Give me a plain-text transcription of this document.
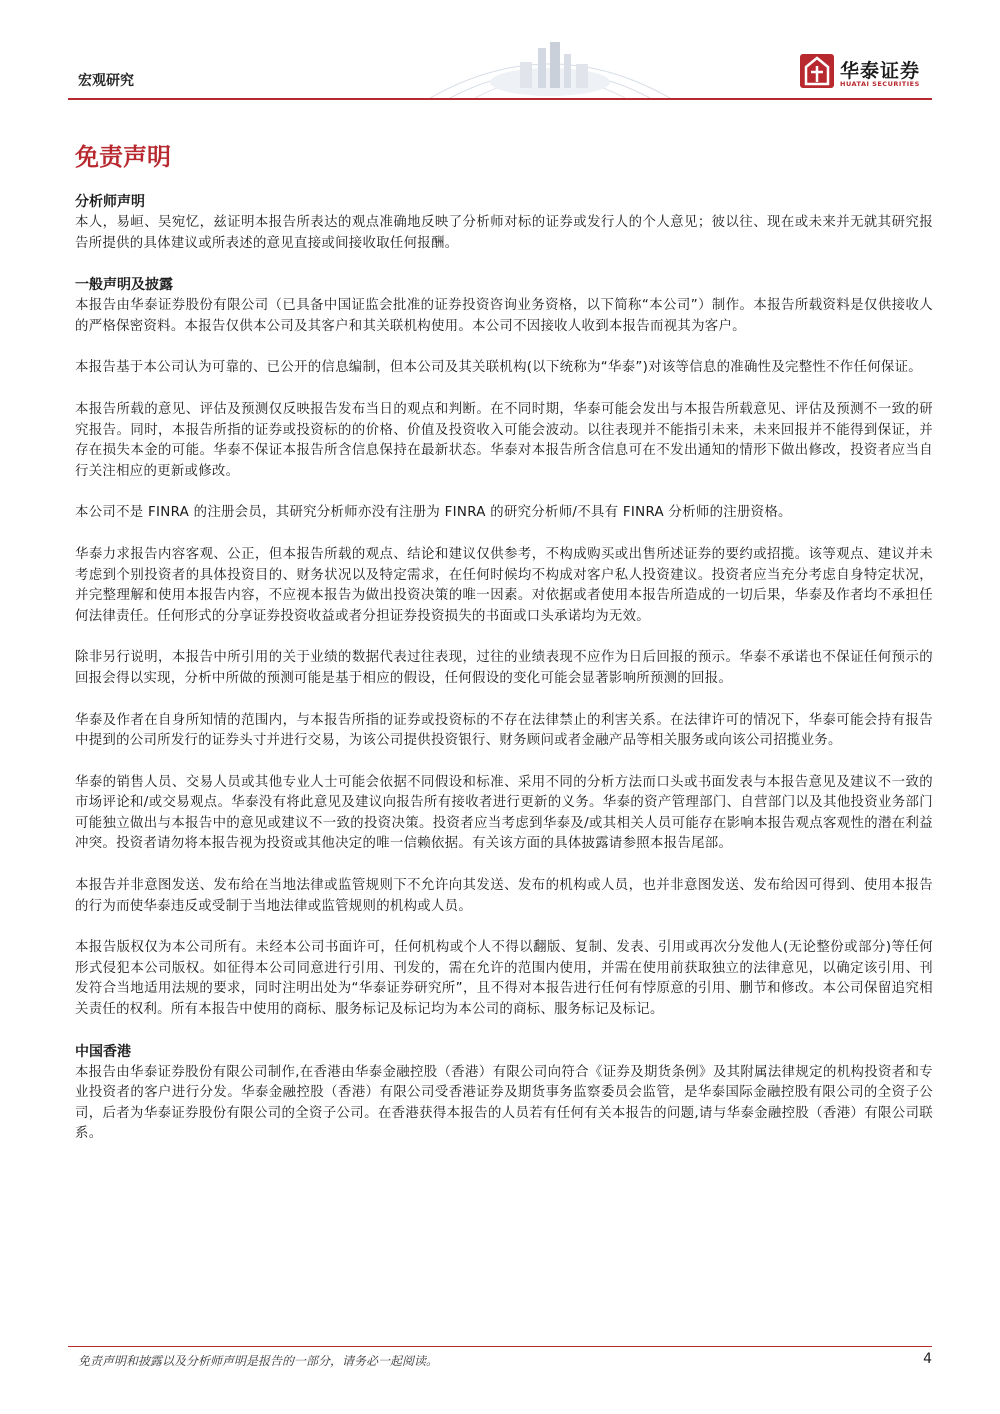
宏观研究	华泰证券
HUATAI SECURITIES
免责声明
分析师声明

本人，易峘、吴宛忆，兹证明本报告所表达的观点准确地反映了分析师对标的证券或发行人的个人意见；彼以往、现在或未来并无就其研究报告所提供的具体建议或所表述的意见直接或间接收取任何报酬。

一般声明及披露

本报告由华泰证券股份有限公司（已具备中国证监会批准的证券投资咨询业务资格，以下简称“本公司”）制作。本报告所载资料是仅供接收人的严格保密资料。本报告仅供本公司及其客户和其关联机构使用。本公司不因接收人收到本报告而视其为客户。

本报告基于本公司认为可靠的、已公开的信息编制，但本公司及其关联机构(以下统称为“华泰”)对该等信息的准确性及完整性不作任何保证。

本报告所载的意见、评估及预测仅反映报告发布当日的观点和判断。在不同时期，华泰可能会发出与本报告所载意见、评估及预测不一致的研究报告。同时，本报告所指的证券或投资标的的价格、价值及投资收入可能会波动。以往表现并不能指引未来，未来回报并不能得到保证，并存在损失本金的可能。华泰不保证本报告所含信息保持在最新状态。华泰对本报告所含信息可在不发出通知的情形下做出修改，投资者应当自行关注相应的更新或修改。

本公司不是 FINRA 的注册会员，其研究分析师亦没有注册为 FINRA 的研究分析师/不具有 FINRA 分析师的注册资格。

华泰力求报告内容客观、公正，但本报告所载的观点、结论和建议仅供参考，不构成购买或出售所述证券的要约或招揽。该等观点、建议并未考虑到个别投资者的具体投资目的、财务状况以及特定需求，在任何时候均不构成对客户私人投资建议。投资者应当充分考虑自身特定状况，并完整理解和使用本报告内容，不应视本报告为做出投资决策的唯一因素。对依据或者使用本报告所造成的一切后果，华泰及作者均不承担任何法律责任。任何形式的分享证券投资收益或者分担证券投资损失的书面或口头承诺均为无效。

除非另行说明，本报告中所引用的关于业绩的数据代表过往表现，过往的业绩表现不应作为日后回报的预示。华泰不承诺也不保证任何预示的回报会得以实现，分析中所做的预测可能是基于相应的假设，任何假设的变化可能会显著影响所预测的回报。

华泰及作者在自身所知情的范围内，与本报告所指的证券或投资标的不存在法律禁止的利害关系。在法律许可的情况下，华泰可能会持有报告中提到的公司所发行的证券头寸并进行交易，为该公司提供投资银行、财务顾问或者金融产品等相关服务或向该公司招揽业务。

华泰的销售人员、交易人员或其他专业人士可能会依据不同假设和标准、采用不同的分析方法而口头或书面发表与本报告意见及建议不一致的市场评论和/或交易观点。华泰没有将此意见及建议向报告所有接收者进行更新的义务。华泰的资产管理部门、自营部门以及其他投资业务部门可能独立做出与本报告中的意见或建议不一致的投资决策。投资者应当考虑到华泰及/或其相关人员可能存在影响本报告观点客观性的潜在利益冲突。投资者请勿将本报告视为投资或其他决定的唯一信赖依据。有关该方面的具体披露请参照本报告尾部。

本报告并非意图发送、发布给在当地法律或监管规则下不允许向其发送、发布的机构或人员，也并非意图发送、发布给因可得到、使用本报告的行为而使华泰违反或受制于当地法律或监管规则的机构或人员。

本报告版权仅为本公司所有。未经本公司书面许可，任何机构或个人不得以翻版、复制、发表、引用或再次分发他人(无论整份或部分)等任何形式侵犯本公司版权。如征得本公司同意进行引用、刊发的，需在允许的范围内使用，并需在使用前获取独立的法律意见，以确定该引用、刊发符合当地适用法规的要求，同时注明出处为“华泰证券研究所”，且不得对本报告进行任何有悖原意的引用、删节和修改。本公司保留追究相关责任的权利。所有本报告中使用的商标、服务标记及标记均为本公司的商标、服务标记及标记。

中国香港

本报告由华泰证券股份有限公司制作,在香港由华泰金融控股（香港）有限公司向符合《证券及期货条例》及其附属法律规定的机构投资者和专业投资者的客户进行分发。华泰金融控股（香港）有限公司受香港证券及期货事务监察委员会监管，是华泰国际金融控股有限公司的全资子公司，后者为华泰证券股份有限公司的全资子公司。在香港获得本报告的人员若有任何有关本报告的问题,请与华泰金融控股（香港）有限公司联系。

免责声明和披露以及分析师声明是报告的一部分，请务必一起阅读。	4
